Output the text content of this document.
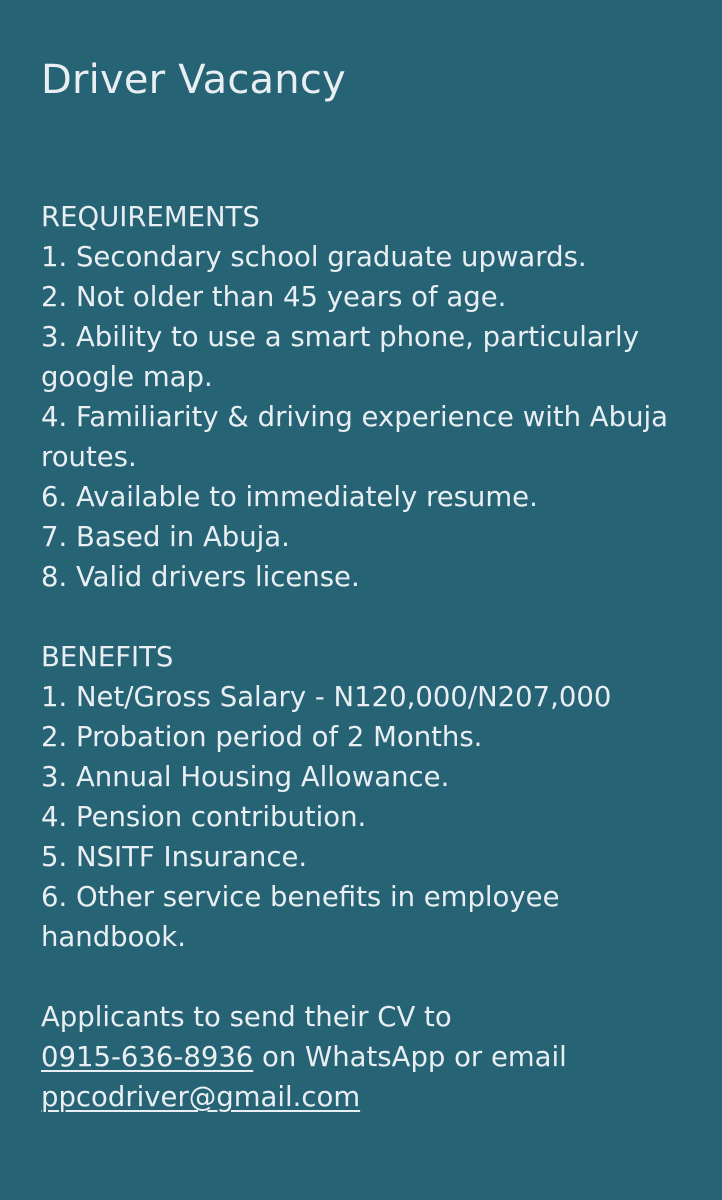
Driver Vacancy
REQUIREMENTS
1. Secondary school graduate upwards.
2. Not older than 45 years of age.
3. Ability to use a smart phone, particularly google map.
4. Familiarity & driving experience with Abuja routes.
6. Available to immediately resume.
7. Based in Abuja.
8. Valid drivers license.
BENEFITS
1. Net/Gross Salary - N120,000/N207,000
2. Probation period of 2 Months.
3. Annual Housing Allowance.
4. Pension contribution.
5. NSITF Insurance.
6. Other service benefits in employee handbook.
Applicants to send their CV to
0915-636-8936 on WhatsApp or email
ppcodriver@gmail.com
